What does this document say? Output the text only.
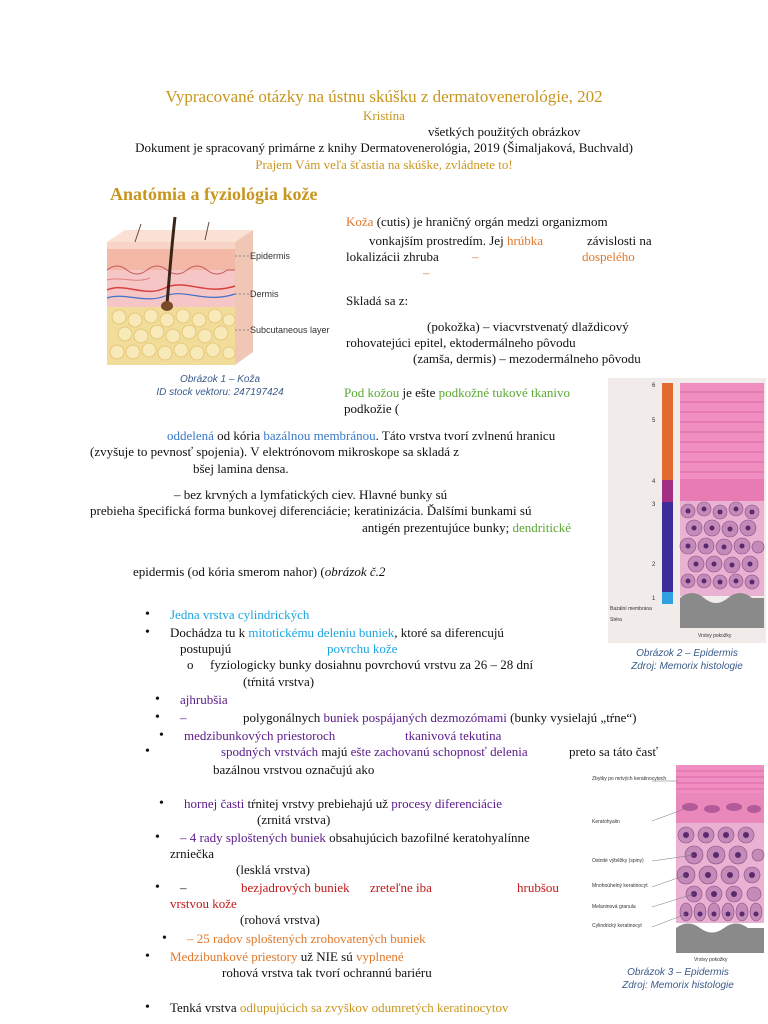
Vypracované otázky na ústnu skúšku z dermatovenerológie, 202
Kristína
všetkých použitých obrázkov
Dokument je spracovaný primárne z knihy Dermatovenerológia, 2019 (Šimaljaková, Buchvald)
Prajem Vám veľa šťastia na skúške, zvládnete to!
Anatómia a fyziológia kože
Epidermis
Dermis
Subcutaneous layer
Obrázok 1 – Koža
ID stock vektoru: 247197424
Koža (cutis) je hraničný orgán medzi organizmom
vonkajším prostredím. Jej hrúbka	závislosti na
lokalizácii zhruba	–	dospelého
–
Skladá sa z:
(pokožka) – viacvrstvenatý dlaždicový
rohovatejúci epitel, ektodermálneho pôvodu
(zamša, dermis) – mezodermálneho pôvodu
Pod kožou je ešte podkožné tukové tkanivo
podkožie (
oddelená od kória bazálnou membránou. Táto vrstva tvorí zvlnenú hranicu
(zvyšuje to pevnosť spojenia). V elektrónovom mikroskope sa skladá z
bšej lamina densa.
– bez krvných a lymfatických ciev. Hlavné bunky sú
prebieha špecifická forma bunkovej diferenciácie; keratinizácia. Ďalšími bunkami sú
antigén prezentujúce bunky; dendritické
epidermis (od kória smerom nahor) (obrázok č.2
• Jedna vrstva cylindrických
• Dochádza tu k mitotickému deleniu buniek, ktoré sa diferencujú
postupujú	povrchu kože
o fyziologicky bunky dosiahnu povrchovú vrstvu za 26 – 28 dní
(tŕnitá vrstva)
• ajhrubšia
• –	polygonálnych buniek pospájaných dezmozómami (bunky vysielajú „tŕne“)
• medzibunkových priestoroch	tkanivová tekutina
spodných vrstvách majú ešte zachovanú schopnosť delenia	preto sa táto časť
bazálnou vrstvou označujú ako
• hornej časti tŕnitej vrstvy prebiehajú už procesy diferenciácie
(zrnitá vrstva)
• – 4 rady sploštených buniek obsahujúcich bazofilné keratohyalínne
zrniečka
(lesklá vrstva)
• –	bezjadrových buniek zreteľne iba	hrubšou
vrstvou kože
(rohová vrstva)
• – 25 radov sploštených zrohovatených buniek
• Medzibunkové priestory už NIE sú vyplnené
rohová vrstva tak tvorí ochrannú bariéru
• Tenká vrstva odlupujúcich sa zvyškov odumretých keratinocytov
6
5
4
3
2
1
Bazální membrána
Stéra
Vrstvy pokožky
Obrázok 2 – Epidermis
Zdroj: Memorix histologie
Zbytky po mrtvých keratinocytech
Keratohyalin
Ostnité výběžky (spiny)
Mnohoúhelný keratinocyt
Melaninová granula
Cylindrický keratinocyt
Vrstvy pokožky
Obrázok 3 – Epidermis
Zdroj: Memorix histologie
